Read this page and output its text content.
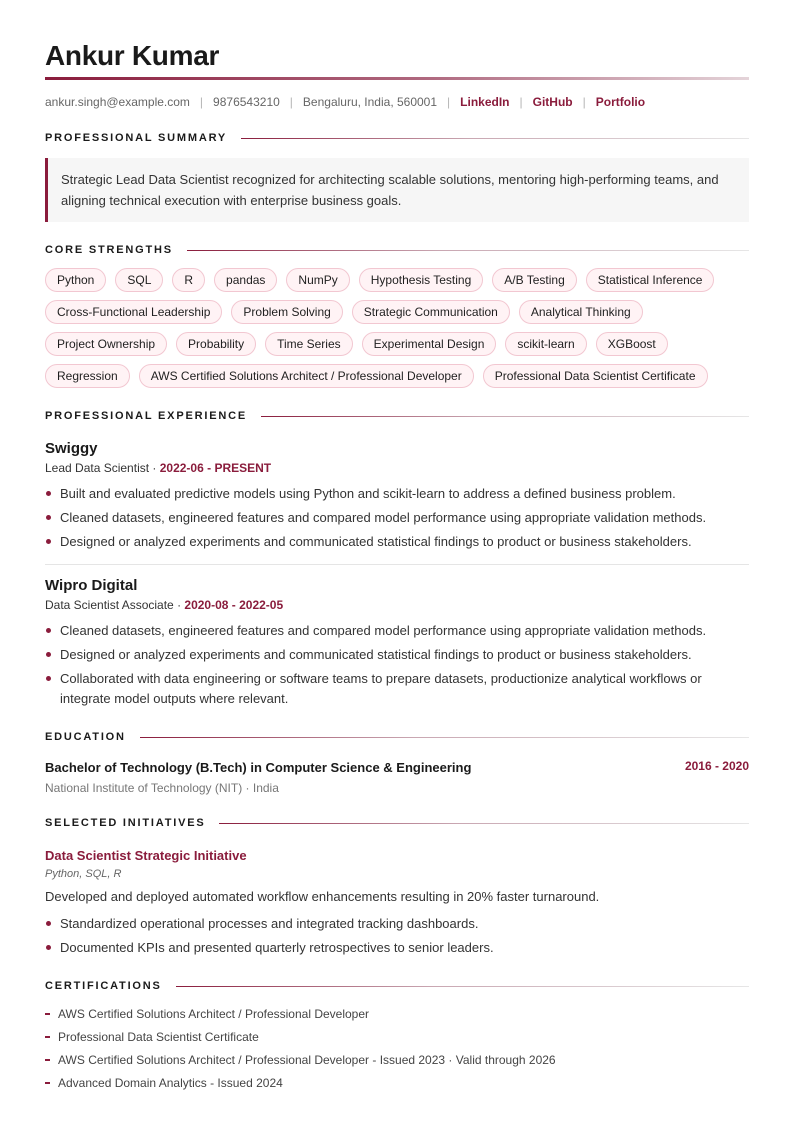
Ankur Kumar
ankur.singh@example.com | 9876543210 | Bengaluru, India, 560001 | LinkedIn | GitHub | Portfolio
PROFESSIONAL SUMMARY
Strategic Lead Data Scientist recognized for architecting scalable solutions, mentoring high-performing teams, and aligning technical execution with enterprise business goals.
CORE STRENGTHS
Python	SQL	R	pandas	NumPy	Hypothesis Testing	A/B Testing	Statistical Inference
Cross-Functional Leadership	Problem Solving	Strategic Communication	Analytical Thinking
Project Ownership	Probability	Time Series	Experimental Design	scikit-learn	XGBoost
Regression	AWS Certified Solutions Architect / Professional Developer	Professional Data Scientist Certificate
PROFESSIONAL EXPERIENCE
Swiggy
Lead Data Scientist · 2022-06 - PRESENT
Built and evaluated predictive models using Python and scikit-learn to address a defined business problem.
Cleaned datasets, engineered features and compared model performance using appropriate validation methods.
Designed or analyzed experiments and communicated statistical findings to product or business stakeholders.
Wipro Digital
Data Scientist Associate · 2020-08 - 2022-05
Cleaned datasets, engineered features and compared model performance using appropriate validation methods.
Designed or analyzed experiments and communicated statistical findings to product or business stakeholders.
Collaborated with data engineering or software teams to prepare datasets, productionize analytical workflows or integrate model outputs where relevant.
EDUCATION
Bachelor of Technology (B.Tech) in Computer Science & Engineering	2016 - 2020
National Institute of Technology (NIT) · India
SELECTED INITIATIVES
Data Scientist Strategic Initiative
Python, SQL, R
Developed and deployed automated workflow enhancements resulting in 20% faster turnaround.
Standardized operational processes and integrated tracking dashboards.
Documented KPIs and presented quarterly retrospectives to senior leaders.
CERTIFICATIONS
AWS Certified Solutions Architect / Professional Developer
Professional Data Scientist Certificate
AWS Certified Solutions Architect / Professional Developer - Issued 2023 · Valid through 2026
Advanced Domain Analytics - Issued 2024
